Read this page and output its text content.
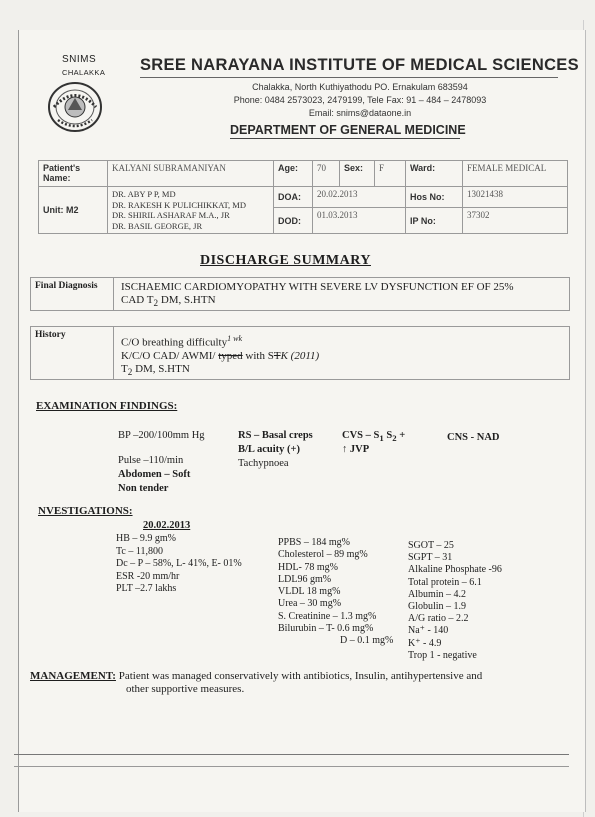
SNIMS
CHALAKKA SREE NARAYANA INSTITUTE OF MEDICAL SCIENCES
Chalakka, North Kuthiyathodu PO. Ernakulam 683594
Phone: 0484 2573023, 2479199, Tele Fax: 91 – 484 – 2478093
Email: snims@dataone.in
DEPARTMENT OF GENERAL MEDICINE
Patient's Name:	KALYANI SUBRAMANIYAN	Age:	70	Sex:	F	Ward:	FEMALE MEDICAL
Unit: M2	DR. ABY P P, MD
DR. RAKESH K PULICHIKKAT, MD
DR. SHIRIL ASHARAF M.A., JR
DR. BASIL GEORGE, JR	DOA:	20.02.2013			Hos No:	13021438
		DOD:	01.03.2013			IP No:	37302
DISCHARGE SUMMARY
Final Diagnosis ISCHAEMIC CARDIOMYOPATHY WITH SEVERE LV DYSFUNCTION EF OF 25%
CAD $T_2$ DM, S.HTN
History
C/O breathing difficulty$^{1 wk}$
K/C/O CAD/ AWMI/ typed with STK (2011)
$T_2$ DM, S.HTN
EXAMINATION FINDINGS:
BP –200/100mm Hg
Pulse –110/min
Abdomen – Soft
Non tender
RS – Basal creps
B/L acuity (+)
Tachypnoea
CVS – $S_1$ $S_2$ +
↑ JVP
CNS - NAD
NVESTIGATIONS:
20.02.2013
HB – 9.9 gm%
Tc – 11,800
Dc – P – 58%, L- 41%, E- 01%
ESR -20 mm/hr
PLT –2.7 lakhs
PPBS – 184 mg%
Cholesterol – 89 mg%
HDL- 78 mg%
LDL96 gm%
VLDL 18 mg%
Urea – 30 mg%
S. Creatinine – 1.3 mg%
Bilurubin – T- 0.6 mg%
D – 0.1 mg%
SGOT – 25
SGPT – 31
Alkaline Phosphate -96
Total protein – 6.1
Albumin – 4.2
Globulin – 1.9
A/G ratio – 2.2
Na⁺ - 140
K⁺ - 4.9
Trop 1 - negative
MANAGEMENT: Patient was managed conservatively with antibiotics, Insulin, antihypertensive and
other supportive measures.
